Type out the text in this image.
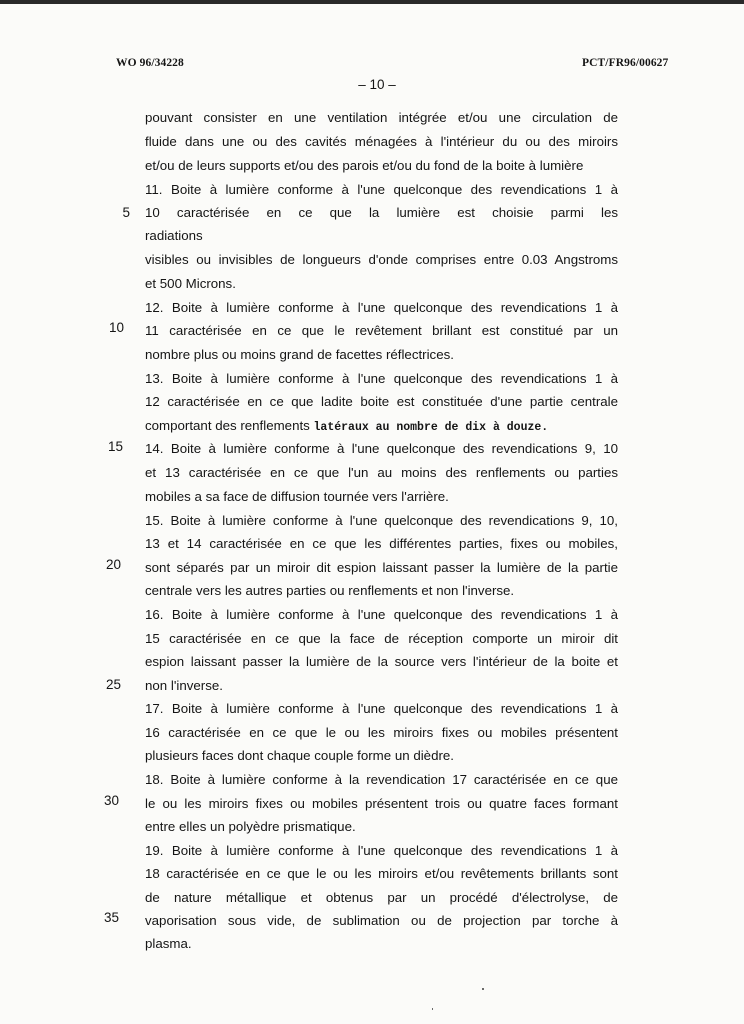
WO 96/34228	PCT/FR96/00627
– 10 –
pouvant consister en une ventilation intégrée et/ou une circulation de
fluide dans une ou des cavités ménagées à l'intérieur du ou des miroirs
et/ou de leurs supports et/ou des parois et/ou du fond de la boite à lumière
11. Boite à lumière conforme à l'une quelconque des revendications 1 à
10 caractérisée en ce que la lumière est choisie parmi les
radiations
visibles ou invisibles de longueurs d'onde comprises entre 0.03 Angstroms
et 500 Microns.
12. Boite à lumière conforme à l'une quelconque des revendications 1 à
11 caractérisée en ce que le revêtement brillant est constitué par un
nombre plus ou moins grand de facettes réflectrices.
13. Boite à lumière conforme à l'une quelconque des revendications 1 à
12 caractérisée en ce que ladite boite est constituée d'une partie centrale
comportant des renflements latéraux au nombre de dix à douze.
14. Boite à lumière conforme à l'une quelconque des revendications 9, 10
et 13 caractérisée en ce que l'un au moins des renflements ou parties
mobiles a sa face de diffusion tournée vers l'arrière.
15. Boite à lumière conforme à l'une quelconque des revendications 9, 10,
13 et 14 caractérisée en ce que les différentes parties, fixes ou mobiles,
sont séparés par un miroir dit espion laissant passer la lumière de la partie
centrale vers les autres parties ou renflements et non l'inverse.
16. Boite à lumière conforme à l'une quelconque des revendications 1 à
15 caractérisée en ce que la face de réception comporte un miroir dit
espion laissant passer la lumière de la source vers l'intérieur de la boite et
non l'inverse.
17. Boite à lumière conforme à l'une quelconque des revendications 1 à
16 caractérisée en ce que le ou les miroirs fixes ou mobiles présentent
plusieurs faces dont chaque couple forme un dièdre.
18. Boite à lumière conforme à la revendication 17 caractérisée en ce que
le ou les miroirs fixes ou mobiles présentent trois ou quatre faces formant
entre elles un polyèdre prismatique.
19. Boite à lumière conforme à l'une quelconque des revendications 1 à
18 caractérisée en ce que le ou les miroirs et/ou revêtements brillants sont
de nature métallique et obtenus par un procédé d'électrolyse, de
vaporisation sous vide, de sublimation ou de projection par torche à
plasma.
5
10
15
20
25
30
35
